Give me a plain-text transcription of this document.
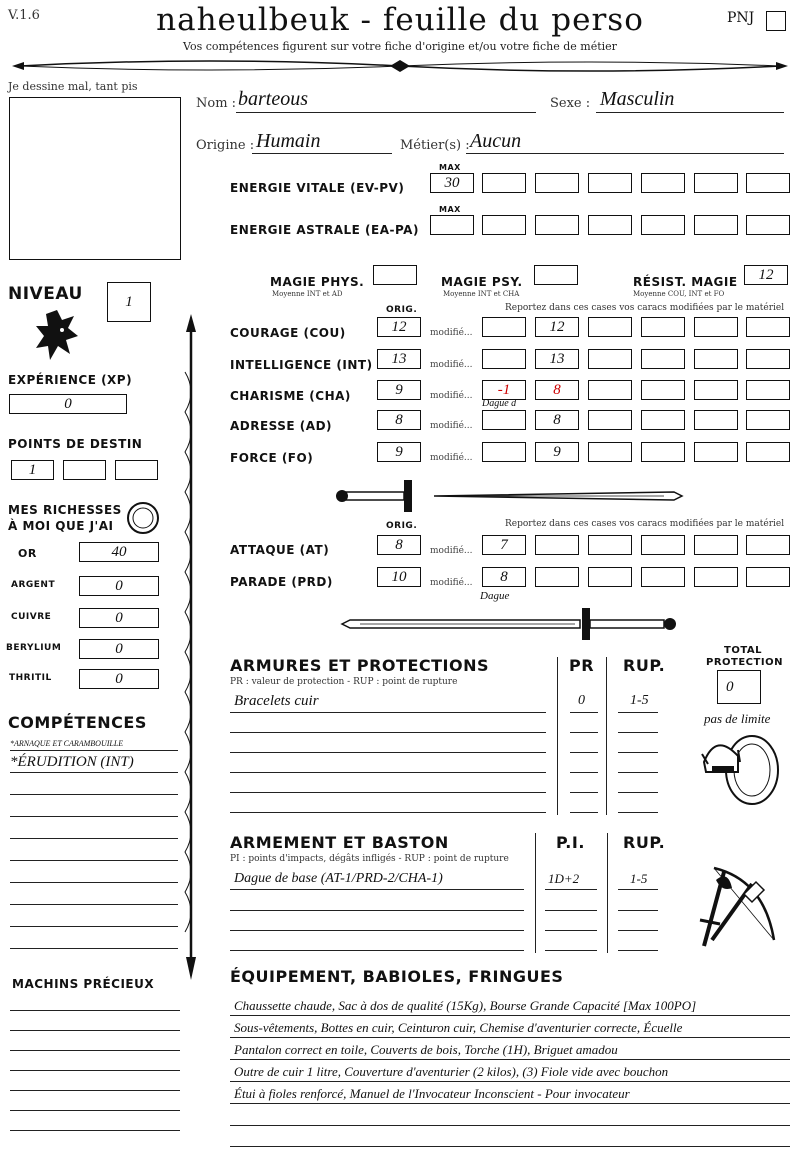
V.1.6	naheulbeuk - feuille du perso
Vos compétences figurent sur votre fiche d'origine et/ou votre fiche de métier
PNJ
Je dessine mal, tant pis
Nom : barteous	Sexe : Masculin
Origine : Humain	Métier(s) : Aucun
MAX
ENERGIE VITALE (EV-PV)	30
MAX
ENERGIE ASTRALE (EA-PA)
MAGIE PHYS.
Moyenne INT et AD
MAGIE PSY.
Moyenne INT et CHA
RÉSIST. MAGIE
Moyenne COU, INT et FO
12
NIVEAU	1
EXPÉRIENCE (XP)
0
POINTS DE DESTIN
1
MES RICHESSES
À MOI QUE J'AI
OR	40
ARGENT	0
CUIVRE	0
BERYLIUM	0
THRITIL	0
COMPÉTENCES
*ARNAQUE ET CARAMBOUILLE
*ÉRUDITION (INT)
MACHINS PRÉCIEUX
ORIG.	Reportez dans ces cases vos caracs modifiées par le matériel
COURAGE (COU)	12	modifié...	12
INTELLIGENCE (INT)	13	modifié...	13
CHARISME (CHA)	9	modifié...	-1	8
Dague d
ADRESSE (AD)	8	modifié...	8
FORCE (FO)	9	modifié...	9
ORIG.	Reportez dans ces cases vos caracs modifiées par le matériel
ATTAQUE (AT)	8	modifié...	7
PARADE (PRD)	10	modifié...	8
Dague
ARMURES ET PROTECTIONS
PR : valeur de protection - RUP : point de rupture
PR RUP.
Bracelets cuir	0	1-5
TOTAL
PROTECTION
0
pas de limite
ARMEMENT ET BASTON
PI : points d'impacts, dégâts infligés - RUP : point de rupture
P.I. RUP.
Dague de base (AT-1/PRD-2/CHA-1)	1D+2	1-5
ÉQUIPEMENT, BABIOLES, FRINGUES
Chaussette chaude, Sac à dos de qualité (15Kg), Bourse Grande Capacité [Max 100PO]
Sous-vêtements, Bottes en cuir, Ceinturon cuir, Chemise d'aventurier correcte, Écuelle
Pantalon correct en toile, Couverts de bois, Torche (1H), Briguet amadou
Outre de cuir 1 litre, Couverture d'aventurier (2 kilos), (3) Fiole vide avec bouchon
Étui à fioles renforcé, Manuel de l'Invocateur Inconscient - Pour invocateur
